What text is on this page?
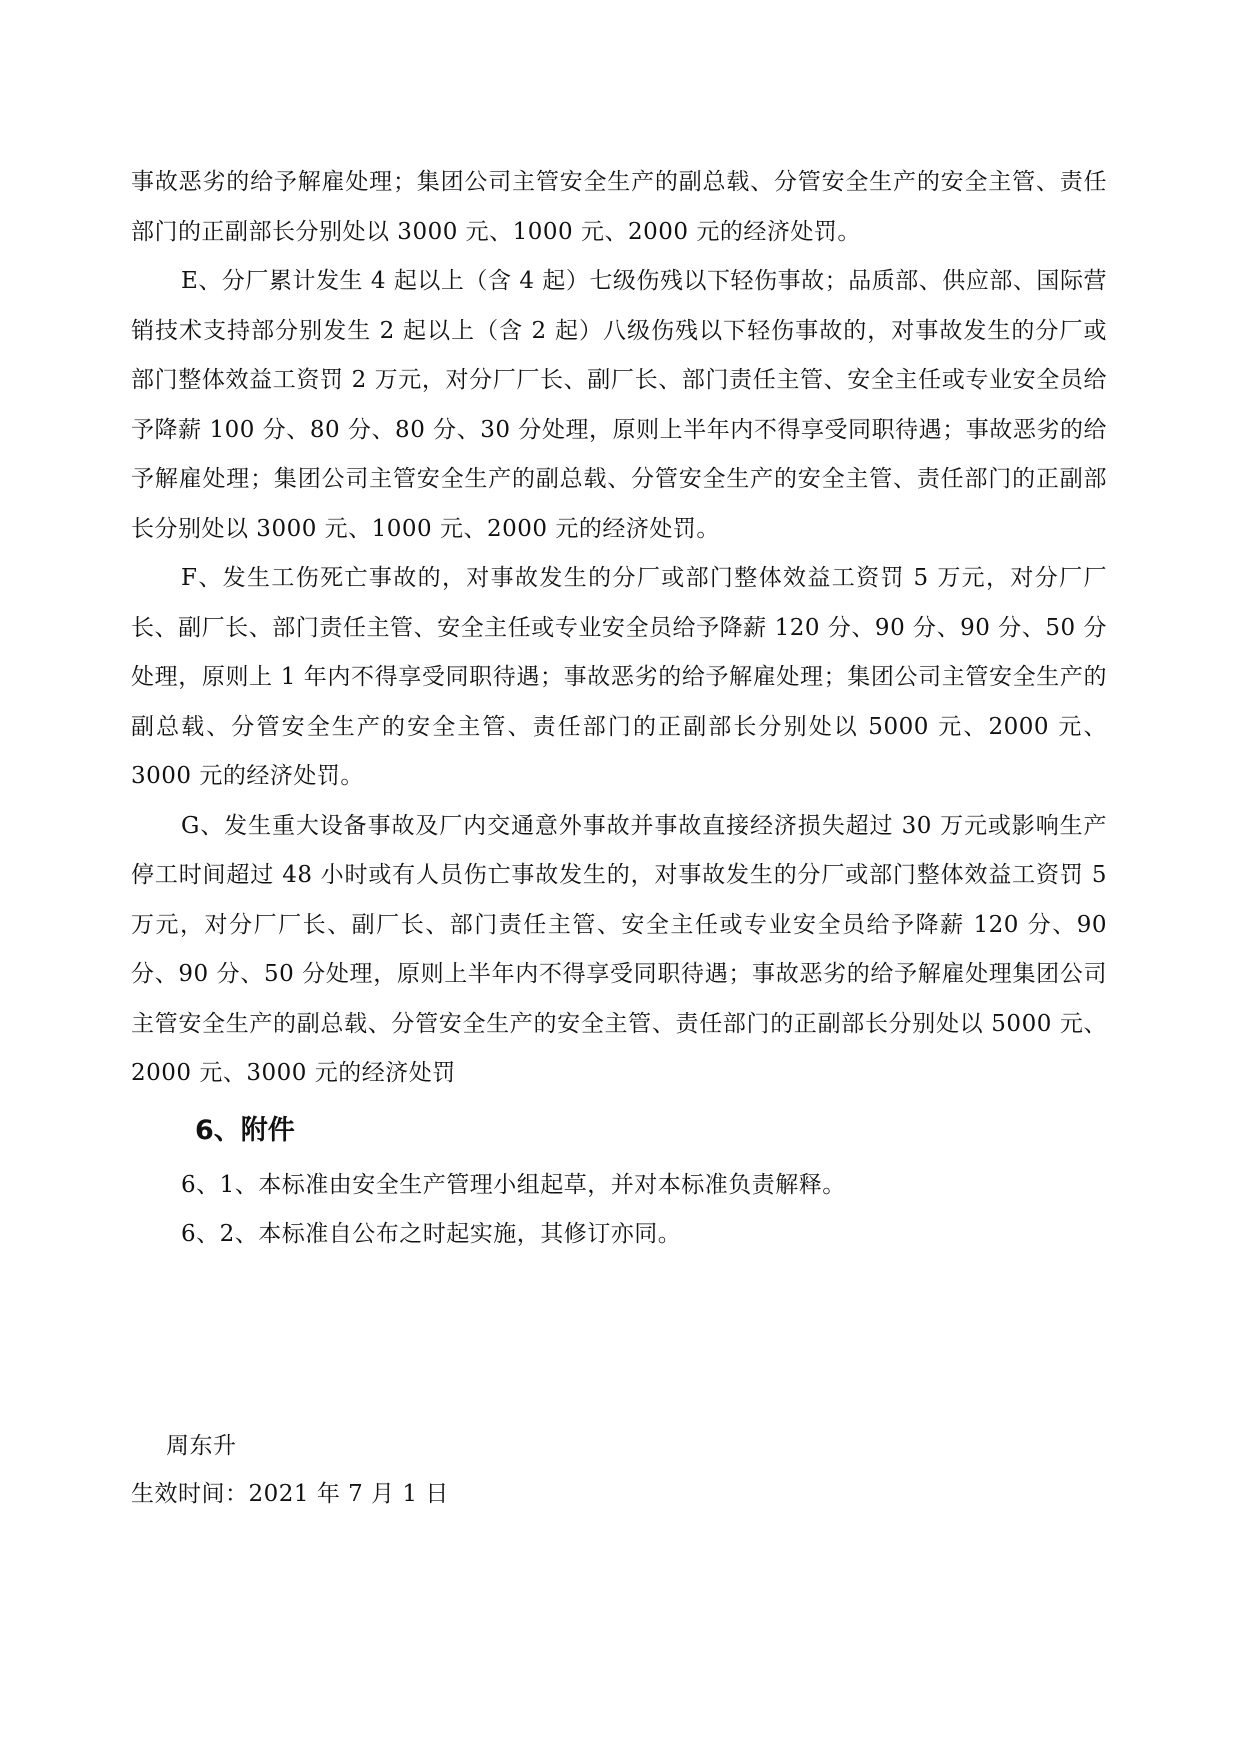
事故恶劣的给予解雇处理；集团公司主管安全生产的副总载、分管安全生产的安全主管、责任部门的正副部长分别处以 3000 元、1000 元、2000 元的经济处罚。

E、分厂累计发生 4 起以上（含 4 起）七级伤残以下轻伤事故；品质部、供应部、国际营销技术支持部分别发生 2 起以上（含 2 起）八级伤残以下轻伤事故的，对事故发生的分厂或部门整体效益工资罚 2 万元，对分厂厂长、副厂长、部门责任主管、安全主任或专业安全员给予降薪 100 分、80 分、80 分、30 分处理，原则上半年内不得享受同职待遇；事故恶劣的给予解雇处理；集团公司主管安全生产的副总载、分管安全生产的安全主管、责任部门的正副部长分别处以 3000 元、1000 元、2000 元的经济处罚。

F、发生工伤死亡事故的，对事故发生的分厂或部门整体效益工资罚 5 万元，对分厂厂长、副厂长、部门责任主管、安全主任或专业安全员给予降薪 120 分、90 分、90 分、50 分处理，原则上 1 年内不得享受同职待遇；事故恶劣的给予解雇处理；集团公司主管安全生产的副总载、分管安全生产的安全主管、责任部门的正副部长分别处以 5000 元、2000 元、3000 元的经济处罚。

G、发生重大设备事故及厂内交通意外事故并事故直接经济损失超过 30 万元或影响生产停工时间超过 48 小时或有人员伤亡事故发生的，对事故发生的分厂或部门整体效益工资罚 5 万元，对分厂厂长、副厂长、部门责任主管、安全主任或专业安全员给予降薪 120 分、90 分、90 分、50 分处理，原则上半年内不得享受同职待遇；事故恶劣的给予解雇处理集团公司主管安全生产的副总载、分管安全生产的安全主管、责任部门的正副部长分别处以 5000 元、2000 元、3000 元的经济处罚

6、附件

6、1、本标准由安全生产管理小组起草，并对本标准负责解释。

6、2、本标准自公布之时起实施，其修订亦同。

周东升
生效时间：2021 年 7 月 1 日
